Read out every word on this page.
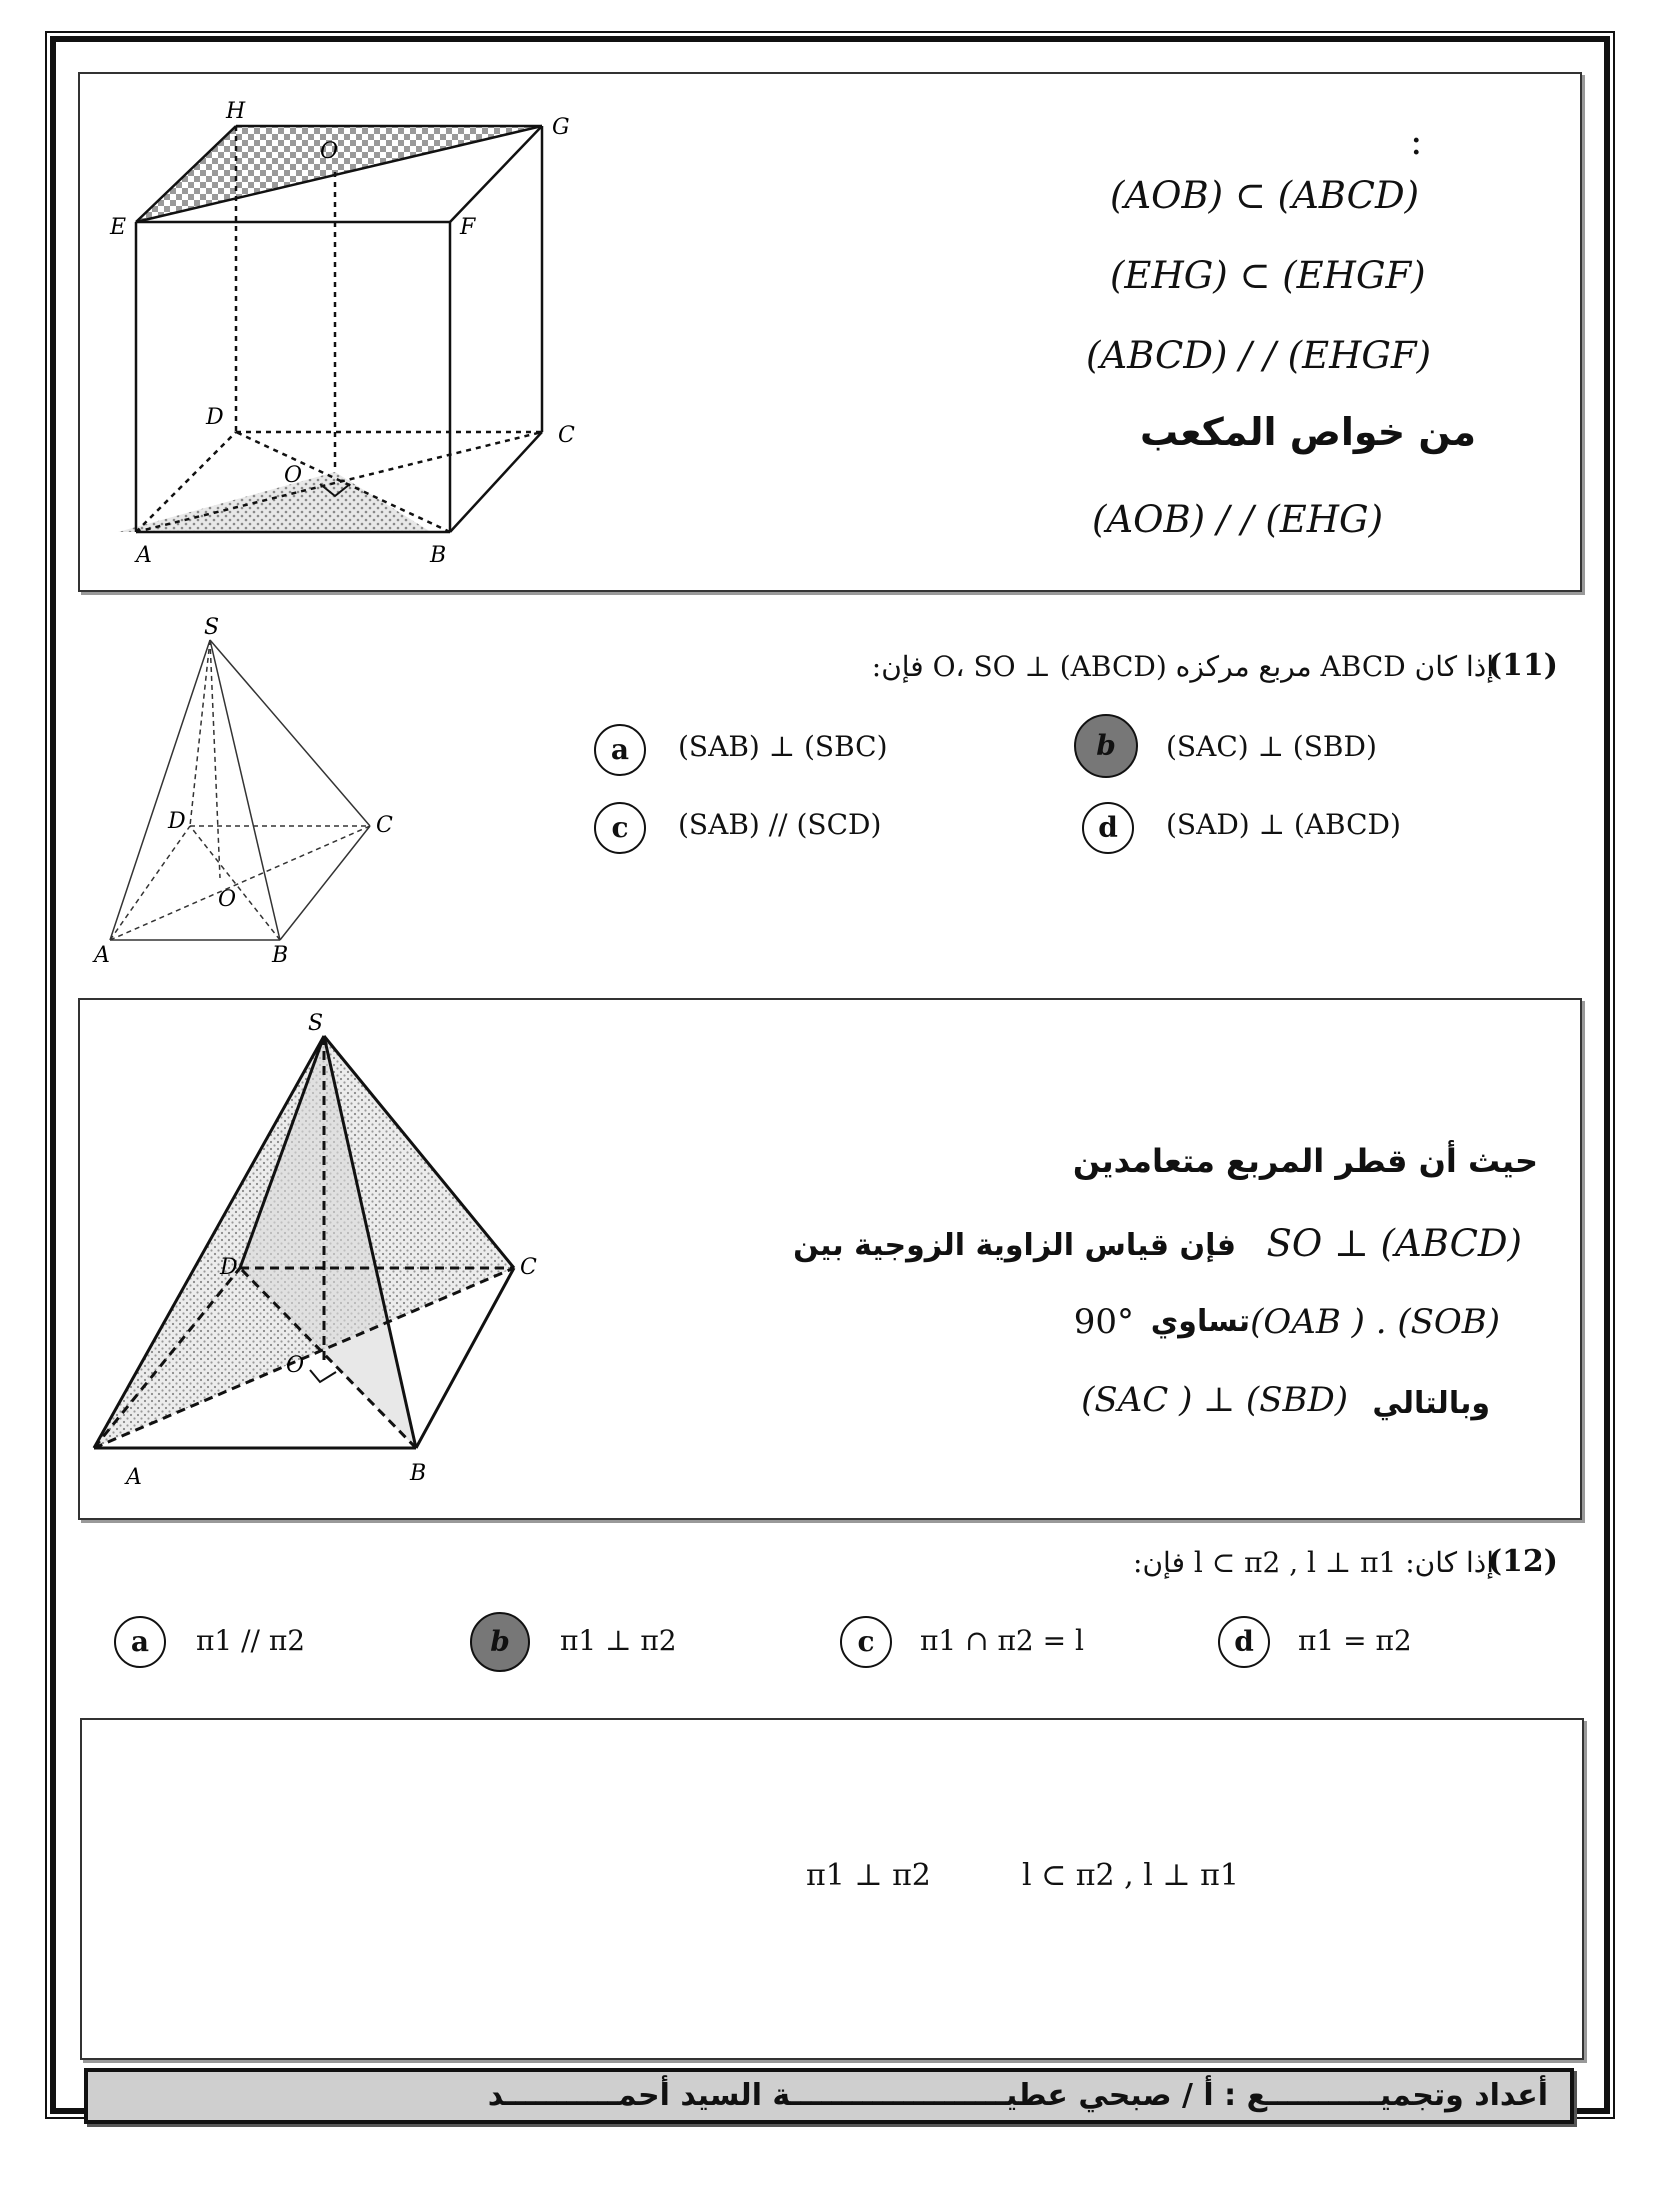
H
G
O
E	F
D
C
O
A	B
:
(AOB) ⊂ (ABCD)
(EHG) ⊂ (EHGF)
(ABCD) / / (EHGF)
من خواص المكعب
(AOB) / / (EHG)
S
D	C
O
A	B
(11)
إذا كان ABCD مربع مركزه O، SO ⊥ (ABCD) فإن:
a	(SAB) ⊥ (SBC)	b	(SAC) ⊥ (SBD)
c	(SAB) // (SCD)	d	(SAD) ⊥ (ABCD)
S
D	C
O
A	B
حيث أن قطر المربع متعامدين
SO ⊥ (ABCD)
فإن قياس الزاوية الزوجية بين
(OAB ) . (SOB)
تساوي
90°
وبالتالي
(SAC ) ⊥ (SBD)
(12)
إذا كان: l ⊂ π2 , l ⊥ π1 فإن:
a	π1 // π2	b	π1 ⊥ π2	c	π1 ∩ π2 = l	d	π1 = π2
l ⊂ π2 , l ⊥ π1
π1 ⊥ π2
أعداد وتجميـــــــــــع : أ / صبحي عطيـــــــــــــــــــــة السيد أحمـــــــــــد
